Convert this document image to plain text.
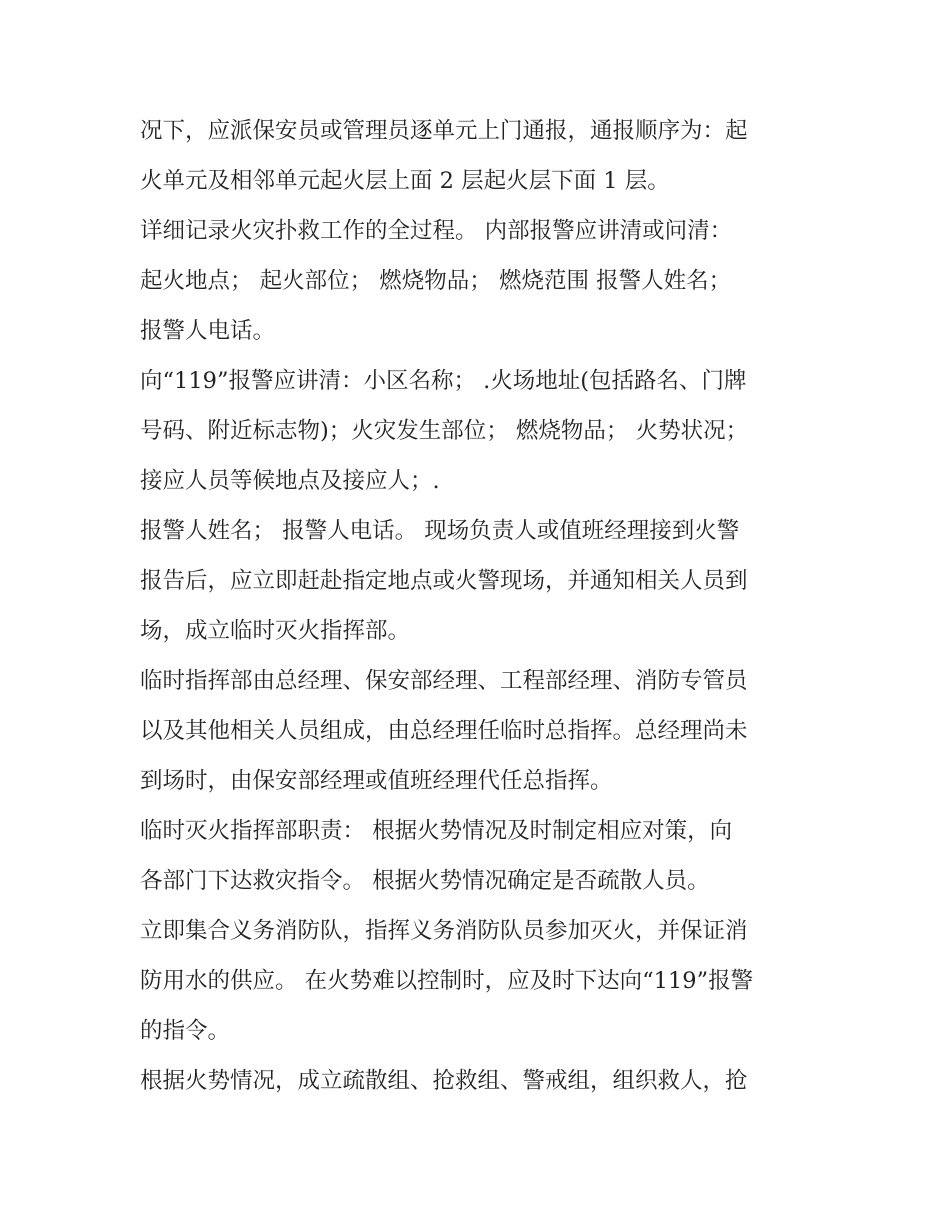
况下，应派保安员或管理员逐单元上门通报，通报顺序为：起
火单元及相邻单元起火层上面 2 层起火层下面 1 层。
详细记录火灾扑救工作的全过程。 内部报警应讲清或问清：
起火地点； 起火部位； 燃烧物品； 燃烧范围 报警人姓名；
报警人电话。
向“119”报警应讲清：小区名称； .火场地址(包括路名、门牌
号码、附近标志物)；火灾发生部位； 燃烧物品； 火势状况；
接应人员等候地点及接应人；.
报警人姓名； 报警人电话。 现场负责人或值班经理接到火警
报告后，应立即赶赴指定地点或火警现场，并通知相关人员到
场，成立临时灭火指挥部。
临时指挥部由总经理、保安部经理、工程部经理、消防专管员
以及其他相关人员组成，由总经理任临时总指挥。总经理尚未
到场时，由保安部经理或值班经理代任总指挥。
临时灭火指挥部职责： 根据火势情况及时制定相应对策，向
各部门下达救灾指令。 根据火势情况确定是否疏散人员。
立即集合义务消防队，指挥义务消防队员参加灭火，并保证消
防用水的供应。 在火势难以控制时，应及时下达向“119”报警
的指令。
根据火势情况，成立疏散组、抢救组、警戒组，组织救人，抢
